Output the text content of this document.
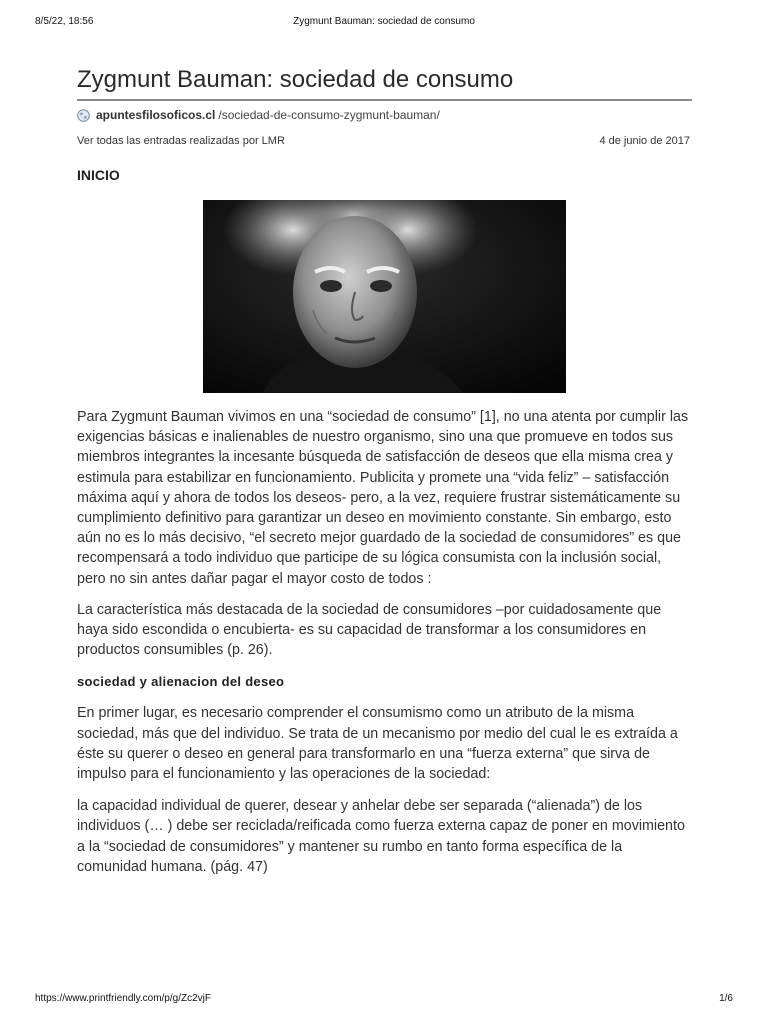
8/5/22, 18:56	Zygmunt Bauman: sociedad de consumo
Zygmunt Bauman: sociedad de consumo
apuntesfilosoficos.cl /sociedad-de-consumo-zygmunt-bauman/
Ver todas las entradas realizadas por LMR	4 de junio de 2017
INICIO

Para Zygmunt Bauman vivimos en una “sociedad de consumo” [1], no una atenta por cumplir las exigencias básicas e inalienables de nuestro organismo, sino una que promueve en todos sus miembros integrantes la incesante búsqueda de satisfacción de deseos que ella misma crea y estimula para estabilizar en funcionamiento. Publicita y promete una “vida feliz” – satisfacción máxima aquí y ahora de todos los deseos- pero, a la vez, requiere frustrar sistemáticamente su cumplimiento definitivo para garantizar un deseo en movimiento constante. Sin embargo, esto aún no es lo más decisivo, “el secreto mejor guardado de la sociedad de consumidores” es que recompensará a todo individuo que participe de su lógica consumista con la inclusión social, pero no sin antes dañar pagar el mayor costo de todos :

La característica más destacada de la sociedad de consumidores –por cuidadosamente que haya sido escondida o encubierta- es su capacidad de transformar a los consumidores en productos consumibles (p. 26).

sociedad y alienacion del deseo

En primer lugar, es necesario comprender el consumismo como un atributo de la misma sociedad, más que del individuo. Se trata de un mecanismo por medio del cual le es extraída a éste su querer o deseo en general para transformarlo en una “fuerza externa” que sirva de impulso para el funcionamiento y las operaciones de la sociedad:

la capacidad individual de querer, desear y anhelar debe ser separada (“alienada”) de los individuos (… ) debe ser reciclada/reificada como fuerza externa capaz de poner en movimiento a la “sociedad de consumidores” y mantener su rumbo en tanto forma específica de la comunidad humana. (pág. 47)

https://www.printfriendly.com/p/g/Zc2vjF	1/6
